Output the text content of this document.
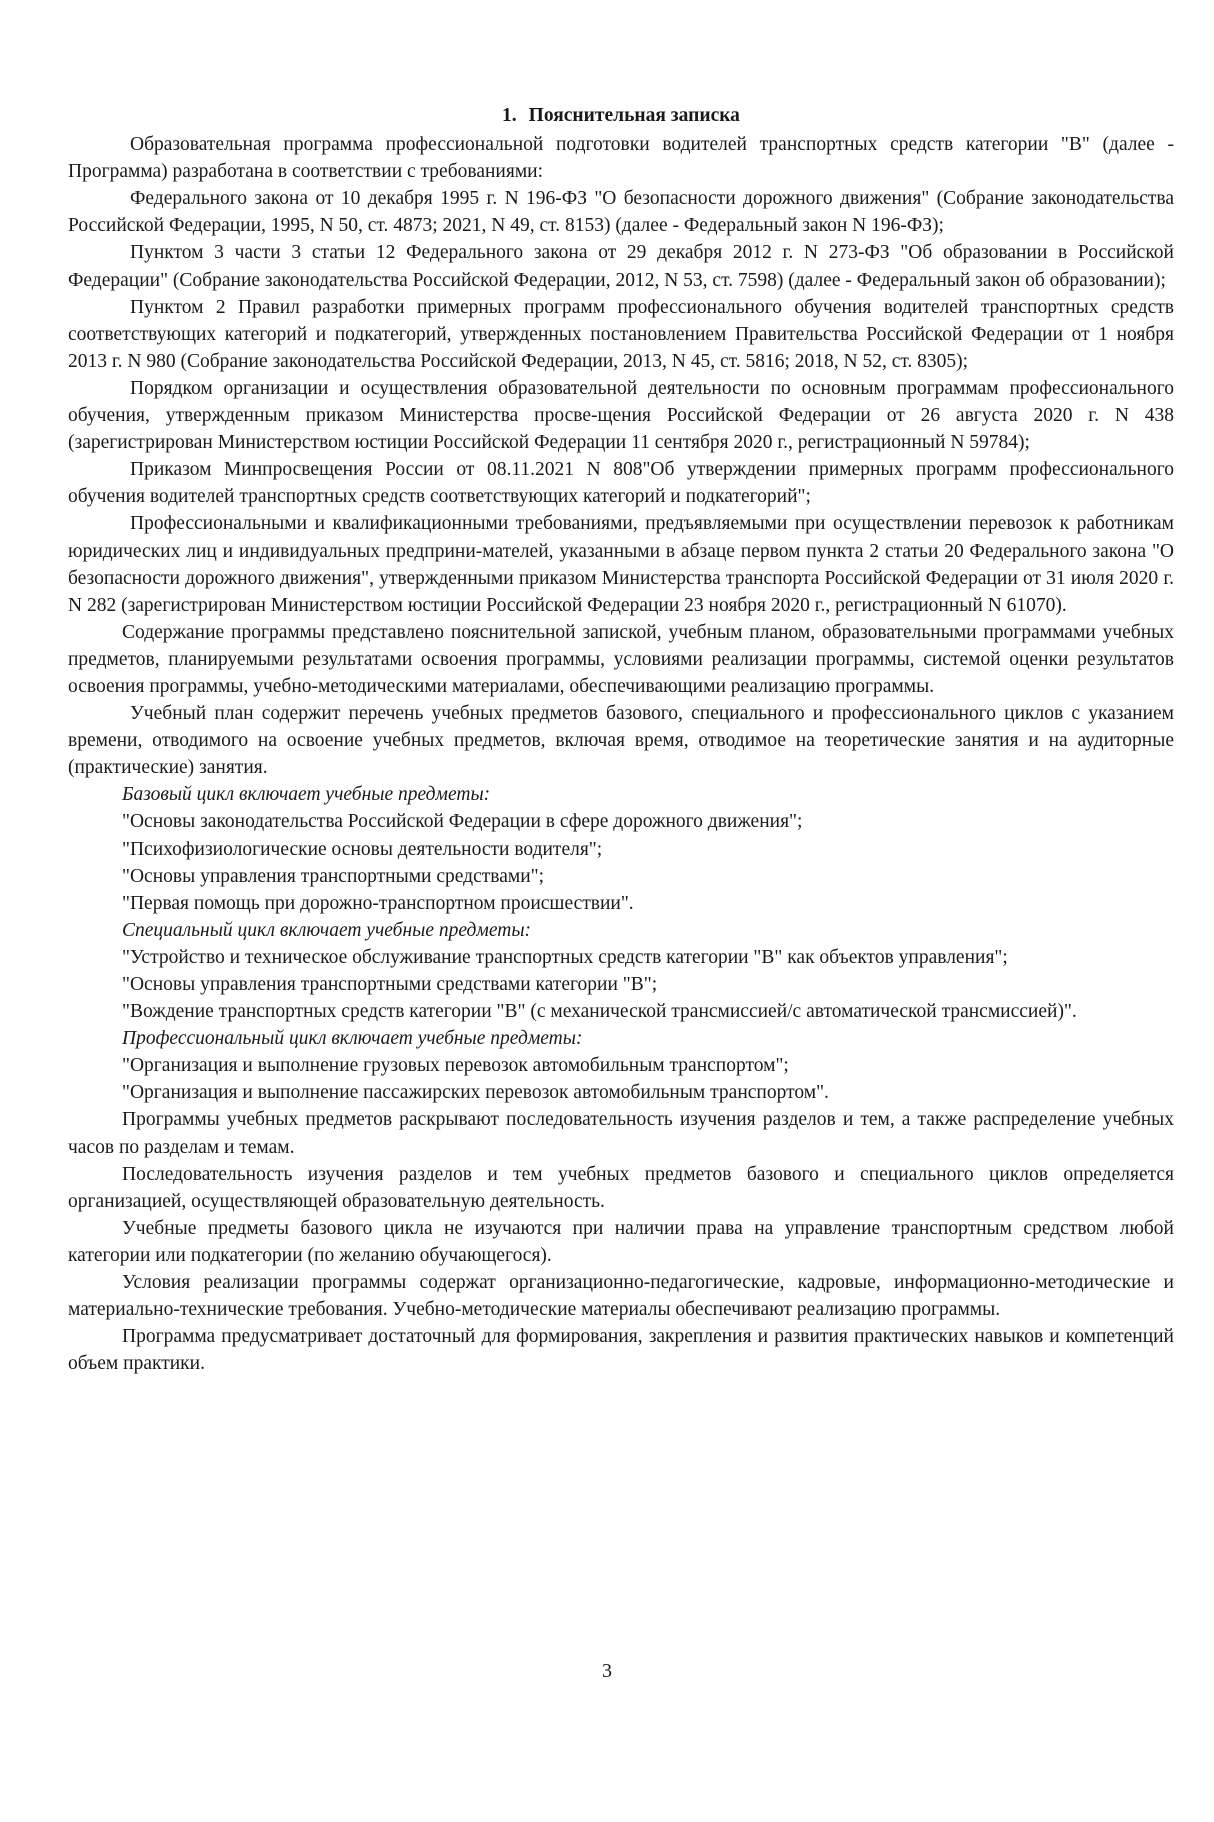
1. Пояснительная записка

Образовательная программа профессиональной подготовки водителей транспортных средств категории "B" (далее - Программа) разработана в соответствии с требованиями:

Федерального закона от 10 декабря 1995 г. N 196-ФЗ "О безопасности дорожного движения" (Собрание законодательства Российской Федерации, 1995, N 50, ст. 4873; 2021, N 49, ст. 8153) (далее - Федеральный закон N 196-ФЗ);

Пунктом 3 части 3 статьи 12 Федерального закона от 29 декабря 2012 г. N 273-ФЗ "Об образовании в Российской Федерации" (Собрание законодательства Российской Федерации, 2012, N 53, ст. 7598) (далее - Федеральный закон об образовании);

Пунктом 2 Правил разработки примерных программ профессионального обучения водителей транспортных средств соответствующих категорий и подкатегорий, утвержденных постановлением Правительства Российской Федерации от 1 ноября 2013 г. N 980 (Собрание законодательства Российской Федерации, 2013, N 45, ст. 5816; 2018, N 52, ст. 8305);

Порядком организации и осуществления образовательной деятельности по основным программам профессионального обучения, утвержденным приказом Министерства просве-щения Российской Федерации от 26 августа 2020 г. N 438 (зарегистрирован Министерством юстиции Российской Федерации 11 сентября 2020 г., регистрационный N 59784);

Приказом Минпросвещения России от 08.11.2021 N 808"Об утверждении примерных программ профессионального обучения водителей транспортных средств соответствующих категорий и подкатегорий";

Профессиональными и квалификационными требованиями, предъявляемыми при осуществлении перевозок к работникам юридических лиц и индивидуальных предприни-мателей, указанными в абзаце первом пункта 2 статьи 20 Федерального закона "О безопасности дорожного движения", утвержденными приказом Министерства транспорта Российской Федерации от 31 июля 2020 г. N 282 (зарегистрирован Министерством юстиции Российской Федерации 23 ноября 2020 г., регистрационный N 61070).

Содержание программы представлено пояснительной запиской, учебным планом, образовательными программами учебных предметов, планируемыми результатами освоения программы, условиями реализации программы, системой оценки результатов освоения программы, учебно-методическими материалами, обеспечивающими реализацию программы.

Учебный план содержит перечень учебных предметов базового, специального и профессионального циклов с указанием времени, отводимого на освоение учебных предметов, включая время, отводимое на теоретические занятия и на аудиторные (практические) занятия.

Базовый цикл включает учебные предметы:

"Основы законодательства Российской Федерации в сфере дорожного движения";

"Психофизиологические основы деятельности водителя";

"Основы управления транспортными средствами";

"Первая помощь при дорожно-транспортном происшествии".

Специальный цикл включает учебные предметы:

"Устройство и техническое обслуживание транспортных средств категории "B" как объектов управления";

"Основы управления транспортными средствами категории "B";

"Вождение транспортных средств категории "B" (с механической трансмиссией/с автоматической трансмиссией)".

Профессиональный цикл включает учебные предметы:

"Организация и выполнение грузовых перевозок автомобильным транспортом";

"Организация и выполнение пассажирских перевозок автомобильным транспортом".

Программы учебных предметов раскрывают последовательность изучения разделов и тем, а также распределение учебных часов по разделам и темам.

Последовательность изучения разделов и тем учебных предметов базового и специального циклов определяется организацией, осуществляющей образовательную деятельность.

Учебные предметы базового цикла не изучаются при наличии права на управление транспортным средством любой категории или подкатегории (по желанию обучающегося).

Условия реализации программы содержат организационно-педагогические, кадровые, информационно-методические и материально-технические требования. Учебно-методические материалы обеспечивают реализацию программы.

Программа предусматривает достаточный для формирования, закрепления и развития практических навыков и компетенций объем практики.

3
